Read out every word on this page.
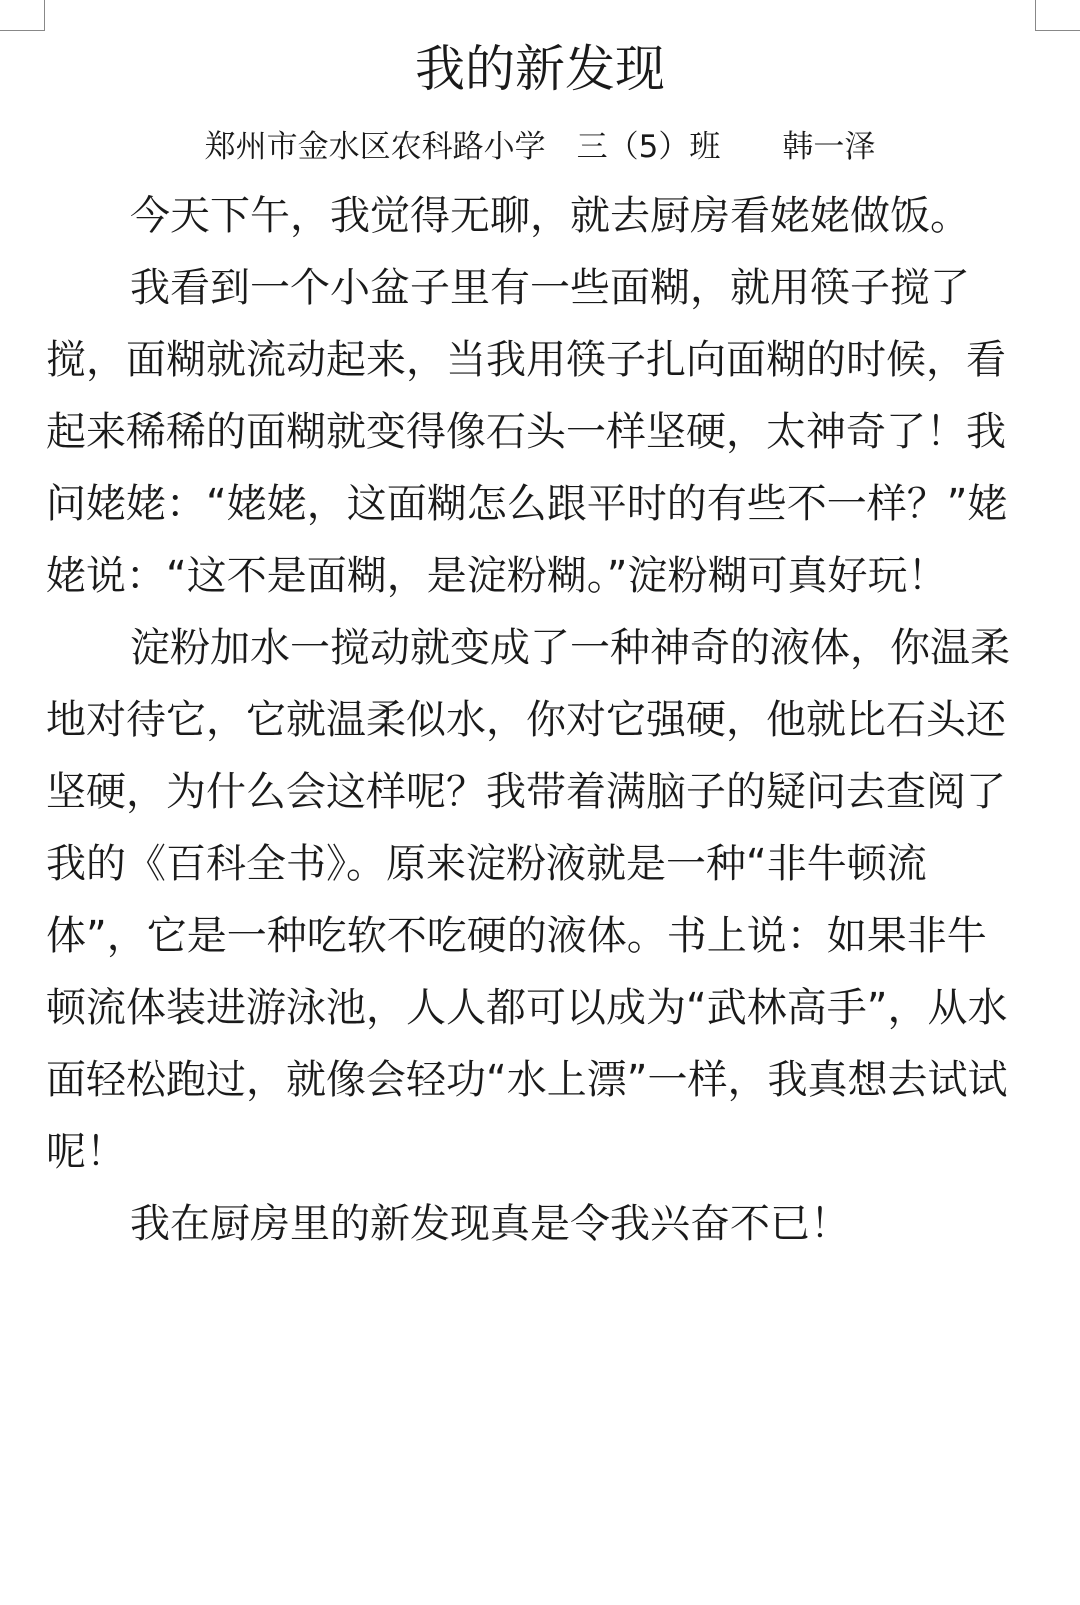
我的新发现

郑州市金水区农科路小学　三（5）班　　韩一泽

今天下午，我觉得无聊，就去厨房看姥姥做饭。

我看到一个小盆子里有一些面糊，就用筷子搅了搅，面糊就流动起来，当我用筷子扎向面糊的时候，看起来稀稀的面糊就变得像石头一样坚硬，太神奇了！我问姥姥：“姥姥，这面糊怎么跟平时的有些不一样？”姥姥说：“这不是面糊，是淀粉糊。”淀粉糊可真好玩！

淀粉加水一搅动就变成了一种神奇的液体，你温柔地对待它，它就温柔似水，你对它强硬，他就比石头还坚硬，为什么会这样呢？我带着满脑子的疑问去查阅了我的《百科全书》。原来淀粉液就是一种“非牛顿流体”，它是一种吃软不吃硬的液体。书上说：如果非牛顿流体装进游泳池，人人都可以成为“武林高手”，从水面轻松跑过，就像会轻功“水上漂”一样，我真想去试试呢！

我在厨房里的新发现真是令我兴奋不已！
